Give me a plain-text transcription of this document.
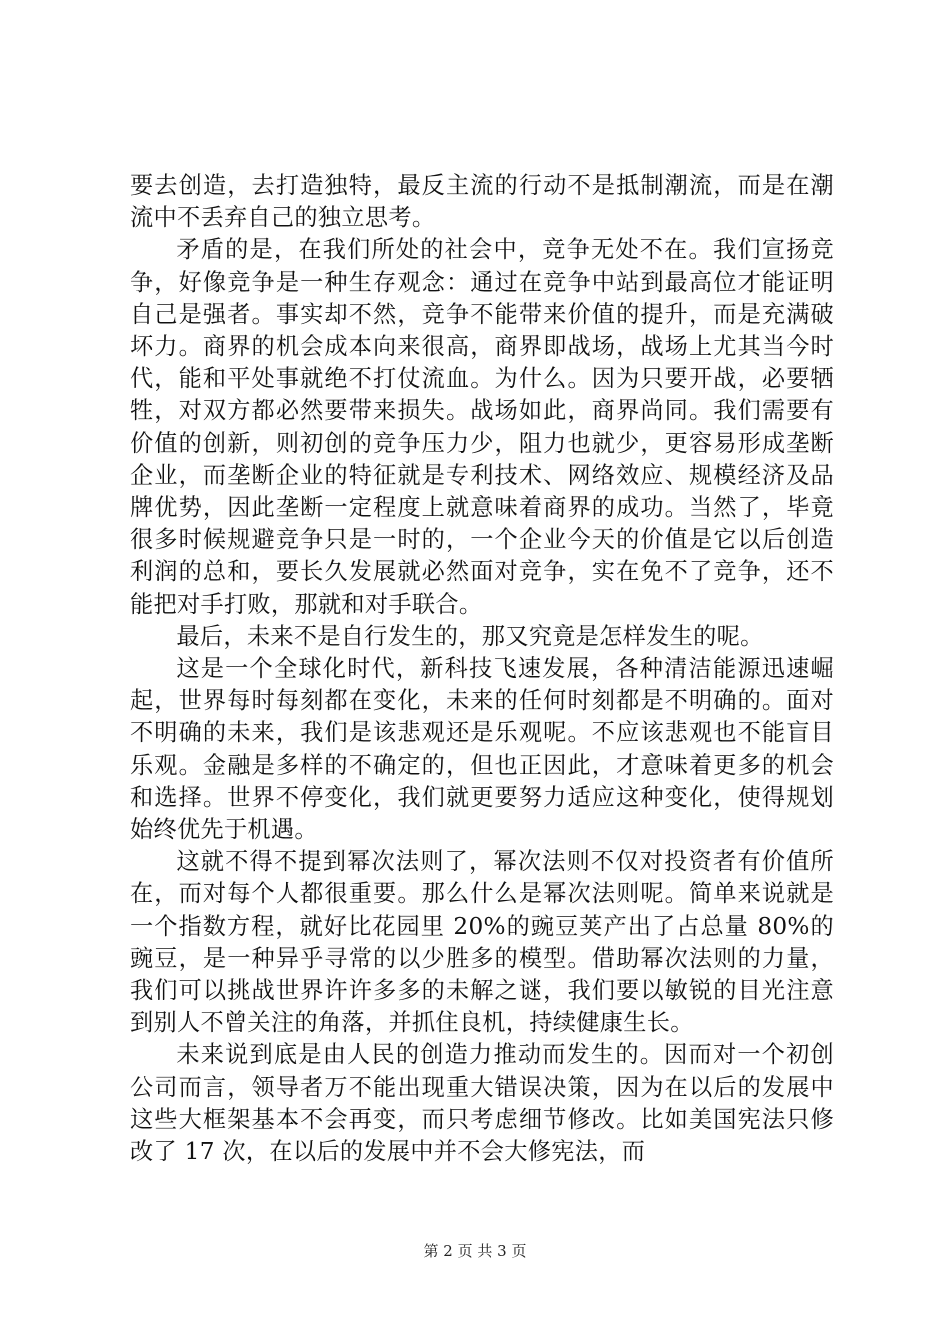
要去创造，去打造独特，最反主流的行动不是抵制潮流，而是在潮流中不丢弃自己的独立思考。

矛盾的是，在我们所处的社会中，竞争无处不在。我们宣扬竞争，好像竞争是一种生存观念：通过在竞争中站到最高位才能证明自己是强者。事实却不然，竞争不能带来价值的提升，而是充满破坏力。商界的机会成本向来很高，商界即战场，战场上尤其当今时代，能和平处事就绝不打仗流血。为什么。因为只要开战，必要牺牲，对双方都必然要带来损失。战场如此，商界尚同。我们需要有价值的创新，则初创的竞争压力少，阻力也就少，更容易形成垄断企业，而垄断企业的特征就是专利技术、网络效应、规模经济及品牌优势，因此垄断一定程度上就意味着商界的成功。当然了，毕竟很多时候规避竞争只是一时的，一个企业今天的价值是它以后创造利润的总和，要长久发展就必然面对竞争，实在免不了竞争，还不能把对手打败，那就和对手联合。

最后，未来不是自行发生的，那又究竟是怎样发生的呢。

这是一个全球化时代，新科技飞速发展，各种清洁能源迅速崛起，世界每时每刻都在变化，未来的任何时刻都是不明确的。面对不明确的未来，我们是该悲观还是乐观呢。不应该悲观也不能盲目乐观。金融是多样的不确定的，但也正因此，才意味着更多的机会和选择。世界不停变化，我们就更要努力适应这种变化，使得规划始终优先于机遇。

这就不得不提到幂次法则了，幂次法则不仅对投资者有价值所在，而对每个人都很重要。那么什么是幂次法则呢。简单来说就是一个指数方程，就好比花园里 20%的豌豆荚产出了占总量 80%的豌豆，是一种异乎寻常的以少胜多的模型。借助幂次法则的力量，我们可以挑战世界许许多多的未解之谜，我们要以敏锐的目光注意到别人不曾关注的角落，并抓住良机，持续健康生长。

未来说到底是由人民的创造力推动而发生的。因而对一个初创公司而言，领导者万不能出现重大错误决策，因为在以后的发展中这些大框架基本不会再变，而只考虑细节修改。比如美国宪法只修改了 17 次，在以后的发展中并不会大修宪法，而

第 2 页 共 3 页
